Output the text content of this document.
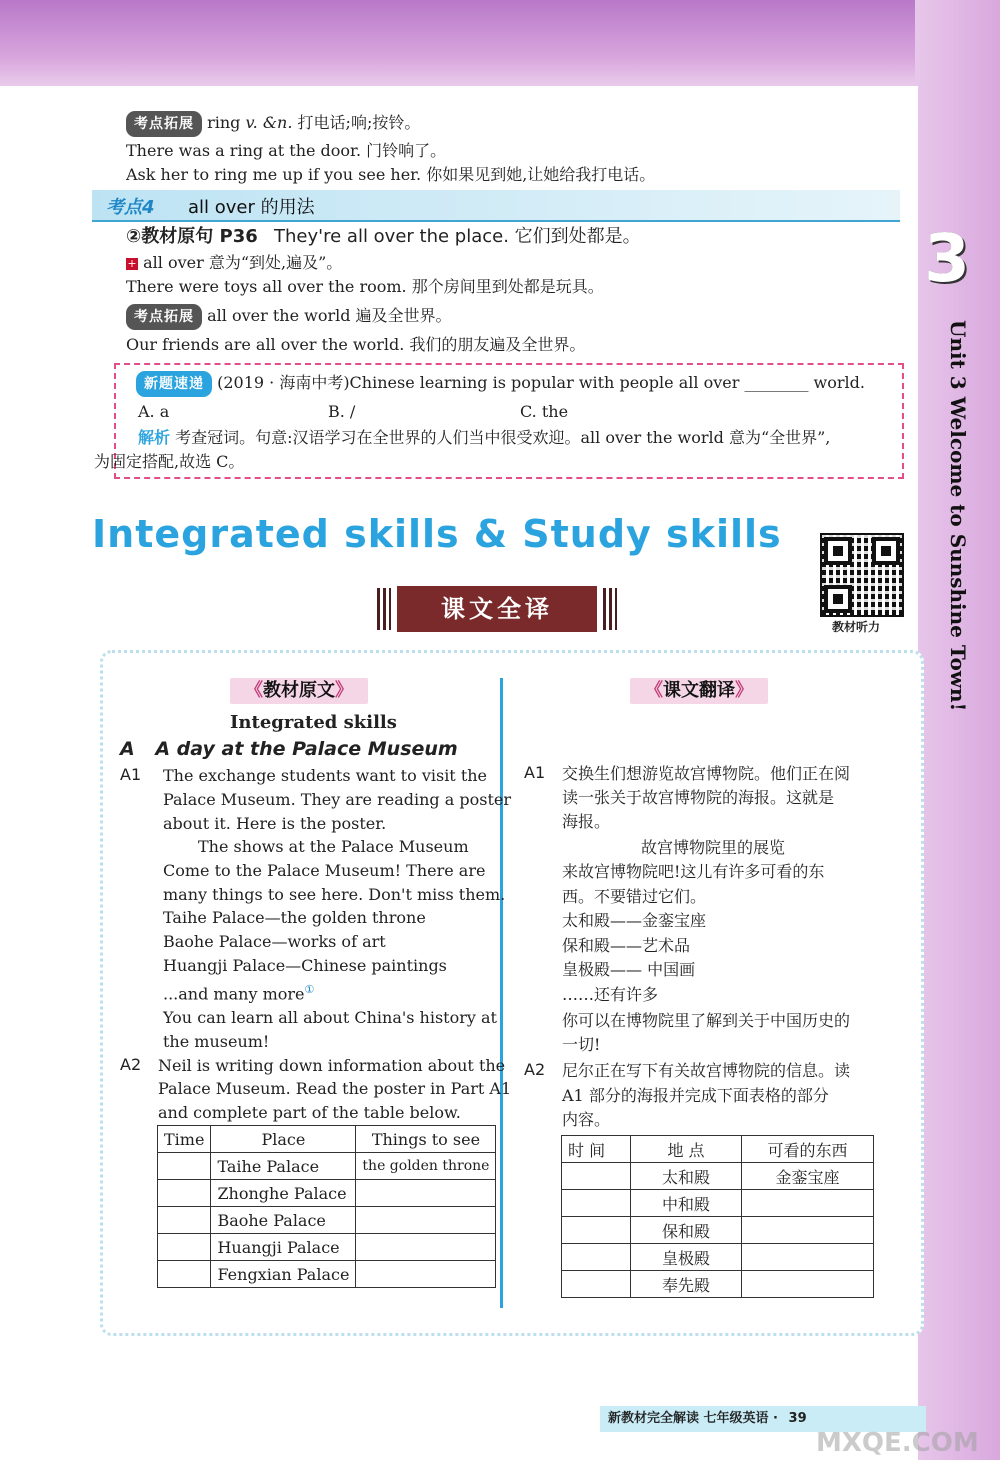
考点拓展 ring v. &n. 打电话;响;按铃。
There was a ring at the door. 门铃响了。
Ask her to ring me up if you see her. 你如果见到她,让她给我打电话。
考点4 all over 的用法
②教材原句 P36 They're all over the place. 它们到处都是。
+ all over 意为“到处,遍及”。
There were toys all over the room. 那个房间里到处都是玩具。
考点拓展 all over the world 遍及全世界。
Our friends are all over the world. 我们的朋友遍及全世界。
新题速递 (2019 · 海南中考)Chinese learning is popular with people all over ________ world.
A. a	B. /	C. the
解析 考查冠词。句意:汉语学习在全世界的人们当中很受欢迎。all over the world 意为“全世界”,
为固定搭配,故选 C。
Integrated skills & Study skills
课文全译
教材听力
《教材原文》
Integrated skills
A A day at the Palace Museum
A1 The exchange students want to visit the
Palace Museum. They are reading a poster
about it. Here is the poster.
The shows at the Palace Museum
Come to the Palace Museum! There are
many things to see here. Don't miss them.
Taihe Palace—the golden throne
Baohe Palace—works of art
Huangji Palace—Chinese paintings
...and many more①
You can learn all about China's history at
the museum!
A2 Neil is writing down information about the
Palace Museum. Read the poster in Part A1
and complete part of the table below.
Time	Place	Things to see
	Taihe Palace	the golden throne
	Zhonghe Palace	
	Baohe Palace	
	Huangji Palace	
	Fengxian Palace	
《课文翻译》
A1 交换生们想游览故宫博物院。他们正在阅
读一张关于故宫博物院的海报。这就是
海报。
故宫博物院里的展览
来故宫博物院吧!这儿有许多可看的东
西。不要错过它们。
太和殿——金銮宝座
保和殿——艺术品
皇极殿—— 中国画
……还有许多
你可以在博物院里了解到关于中国历史的
一切!
A2 尼尔正在写下有关故宫博物院的信息。读
A1 部分的海报并完成下面表格的部分
内容。
时 间	地 点	可看的东西
	太和殿	金銮宝座
	中和殿	
	保和殿	
	皇极殿	
	奉先殿	
3
Unit 3 Welcome to Sunshine Town!
新教材完全解读 七年级英语 · 39
MXQE.COM
